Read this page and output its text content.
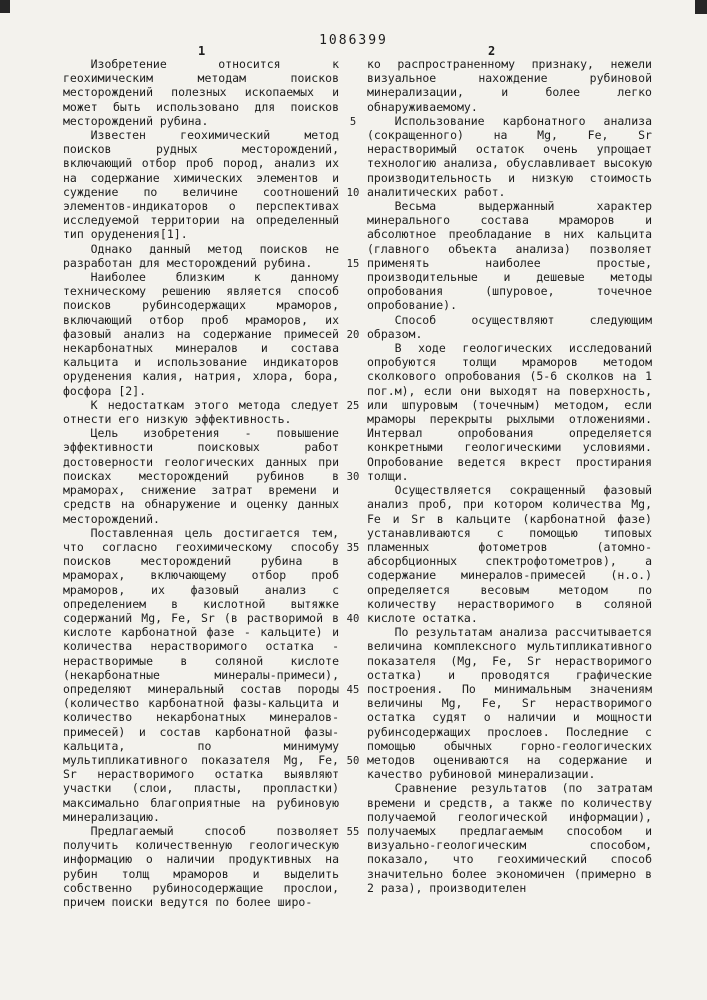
1086399
1	2

Изобретение относится к геохимическим методам поисков месторождений полезных ископаемых и может быть использовано для поисков месторождений рубина.

Известен геохимический метод поисков рудных месторождений, включающий отбор проб пород, анализ их на содержание химических элементов и суждение по величине соотношений элементов-индикаторов о перспективах исследуемой территории на определенный тип оруденения[1].

Однако данный метод поисков не разработан для месторождений рубина.

Наиболее близким к данному техническому решению является способ поисков рубинсодержащих мраморов, включающий отбор проб мраморов, их фазовый анализ на содержание примесей некарбонатных минералов и состава кальцита и использование индикаторов оруденения калия, натрия, хлора, бора, фосфора [2].

К недостаткам этого метода следует отнести его низкую эффективность.

Цель изобретения - повышение эффективности поисковых работ достоверности геологических данных при поисках месторождений рубинов в мраморах, снижение затрат времени и средств на обнаружение и оценку данных месторождений.

Поставленная цель достигается тем, что согласно геохимическому способу поисков месторождений рубина в мраморах, включающему отбор проб мраморов, их фазовый анализ с определением в кислотной вытяжке содержаний Mg, Fe, Sr (в растворимой в кислоте карбонатной фазе - кальците) и количества нерастворимого остатка - нерастворимые в соляной кислоте (некарбонатные минералы-примеси), определяют минеральный состав породы (количество карбонатной фазы-кальцита и количество некарбонатных минералов-примесей) и состав карбонатной фазы-кальцита, по минимуму мультипликативного показателя Mg, Fe, Sr нерастворимого остатка выявляют участки (слои, пласты, пропластки) максимально благоприятные на рубиновую минерализацию.

Предлагаемый способ позволяет получить количественную геологическую информацию о наличии продуктивных на рубин толщ мраморов и выделить собственно рубиносодержащие прослои, причем поиски ведутся по более широ-

5
10
15
20
25
30
35
40
45
50
55

ко распространенному признаку, нежели визуальное нахождение рубиновой минерализации, и более легко обнаруживаемому.

Использование карбонатного анализа (сокращенного) на Mg, Fe, Sr нерастворимый остаток очень упрощает технологию анализа, обуславливает высокую производительность и низкую стоимость аналитических работ.

Весьма выдержанный характер минерального состава мраморов и абсолютное преобладание в них кальцита (главного объекта анализа) позволяет применять наиболее простые, производительные и дешевые методы опробования (шпуровое, точечное опробование).

Способ осуществляют следующим образом.

В ходе геологических исследований опробуются толщи мраморов методом сколкового опробования (5-6 сколков на 1 пог.м), если они выходят на поверхность, или шпуровым (точечным) методом, если мраморы перекрыты рыхлыми отложениями. Интервал опробования определяется конкретными геологическими условиями. Опробование ведется вкрест простирания толщи.

Осуществляется сокращенный фазовый анализ проб, при котором количества Mg, Fe и Sr в кальците (карбонатной фазе) устанавливаются с помощью типовых пламенных фотометров (атомно-абсорбционных спектрофотометров), а содержание минералов-примесей (н.о.) определяется весовым методом по количеству нерастворимого в соляной кислоте остатка.

По результатам анализа рассчитывается величина комплексного мультипликативного показателя (Mg, Fe, Sr нерастворимого остатка) и проводятся графические построения. По минимальным значениям величины Mg, Fe, Sr нерастворимого остатка судят о наличии и мощности рубинсодержащих прослоев. Последние с помощью обычных горно-геологических методов оцениваются на содержание и качество рубиновой минерализации.

Сравнение результатов (по затратам времени и средств, а также по количеству получаемой геологической информации), получаемых предлагаемым способом и визуально-геологическим способом, показало, что геохимический способ значительно более экономичен (примерно в 2 раза), производителен
